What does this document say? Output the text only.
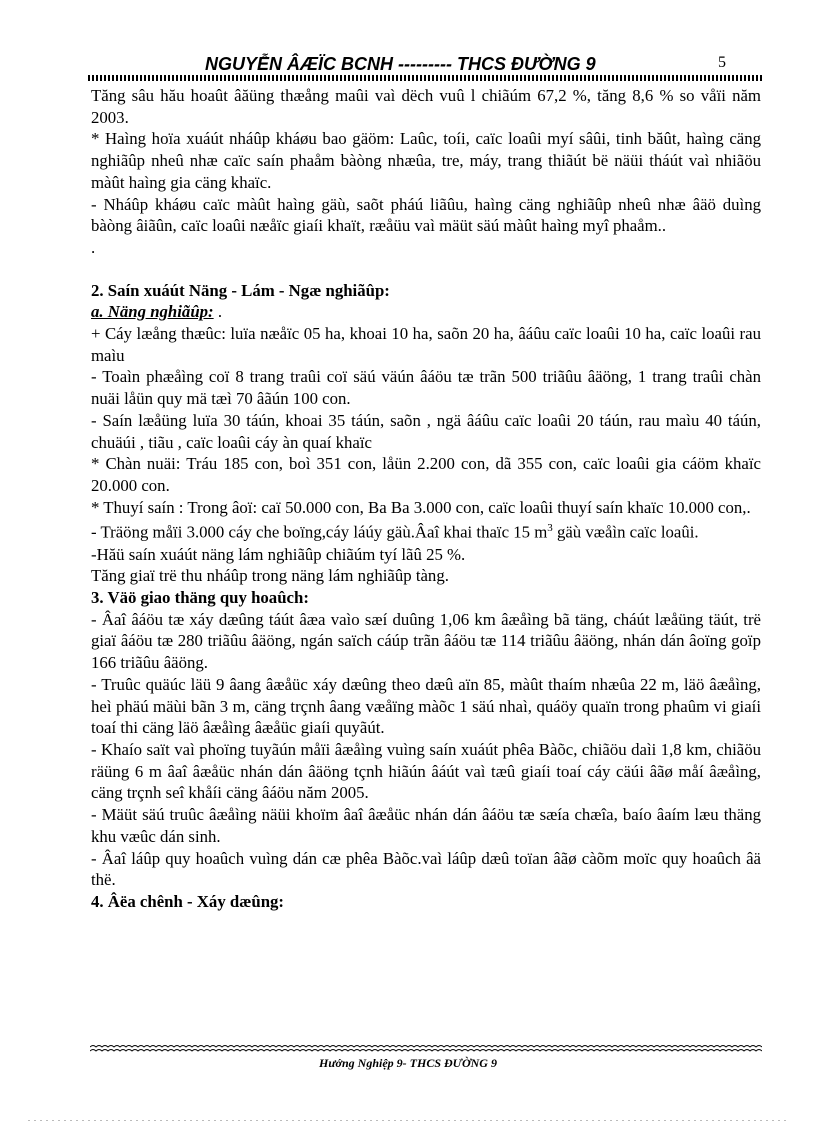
NGUYỄN ÂÆÏC BCNH --------- THCS ĐƯỜNG 9	5

Tăng sâu hău hoaût âăüng thæång maûi vaì dëch vuû l chiãúm 67,2 %, tăng 8,6 % so våïi năm 2003.

* Haìng hoïa xuáút nháûp kháøu bao gäöm: Laûc, toíi, caïc loaûi myí sâûi, tinh băût, haìng cäng nghiãûp nheû nhæ caïc saín phaåm bàòng nhæûa, tre, máy, trang thiãút bë näüi tháút vaì nhiãöu màût haìng gia cäng khaïc.

- Nháûp kháøu caïc màût haìng gäù, saõt pháú liãûu, haìng cäng nghiãûp nheû nhæ âäö duìng bàòng âiãûn, caïc loaûi næåïc giaíi khaït, ræåüu vaì mäüt säú màût haìng myî phaåm..

.

2. Saín xuáút Näng - Lám - Ngæ nghiãûp:

a. Näng nghiãûp: .

+ Cáy læång thæûc: luïa næåïc 05 ha, khoai 10 ha, saõn 20 ha, âáûu caïc loaûi 10 ha, caïc loaûi rau maìu

- Toaìn phæåìng coï 8 trang traûi coï säú väún âáöu tæ trãn 500 triãûu âäöng, 1 trang traûi chàn nuäi låün quy mä tæì 70 âãún 100 con.

- Saín læåüng luïa 30 táún, khoai 35 táún, saõn , ngä âáûu caïc loaûi 20 táún, rau maìu 40 táún, chuäúi , tiãu , caïc loaûi cáy àn quaí khaïc

* Chàn nuäi: Tráu 185 con, boì 351 con, låün 2.200 con, dã 355 con, caïc loaûi gia cáöm khaïc 20.000 con.

* Thuyí saín : Trong âoï: caï 50.000 con, Ba Ba 3.000 con, caïc loaûi thuyí saín khaïc 10.000 con,.

- Träöng måïi 3.000 cáy che boïng,cáy láúy gäù.Âaî khai thaïc 15 $m^3$ gäù væåìn caïc loaûi.

-Hăü saín xuáút näng lám nghiãûp chiãúm tyí lãû 25 %.

Tăng giaï trë thu nháûp trong näng lám nghiãûp tàng.

3. Väö giao thäng quy hoaûch:

- Âaî âáöu tæ xáy dæûng táút âæa vaìo sæí duûng 1,06 km âæåìng bã täng, cháút læåüng täút, trë giaï âáöu tæ 280 triãûu âäöng, ngán saïch cáúp trãn âáöu tæ 114 triãûu âäöng, nhán dán âoïng goïp 166 triãûu âäöng.

- Truûc quäúc läü 9 âang âæåüc xáy dæûng theo dæû aïn 85, màût thaím nhæûa 22 m, läö âæåìng, heì phäú mäùi bãn 3 m, cäng trçnh âang væåïng màõc 1 säú nhaì, quáöy quaïn trong phaûm vi giaíi toaí thi cäng läö âæåìng âæåüc giaíi quyãút.

- Khaío saït vaì phoïng tuyãún måïi âæåìng vuìng saín xuáút phêa Bàõc, chiãöu daìi 1,8 km, chiãöu räüng 6 m âaî âæåüc nhán dán âäöng tçnh hiãún âáút vaì tæû giaíi toaí cáy cäúi âãø måí âæåìng, cäng trçnh seî khåíi cäng âáöu năm 2005.

- Mäüt säú truûc âæåìng näüi khoïm âaî âæåüc nhán dán âáöu tæ sæía chæîa, baío âaím læu thäng khu væûc dán sinh.

- Âaî láûp quy hoaûch vuìng dán cæ phêa Bàõc.vaì láûp dæû toïan âãø càõm moïc quy hoaûch âä thë.

4. Âëa chênh - Xáy dæûng:

Hướng Nghiệp 9- THCS ĐƯỜNG 9
